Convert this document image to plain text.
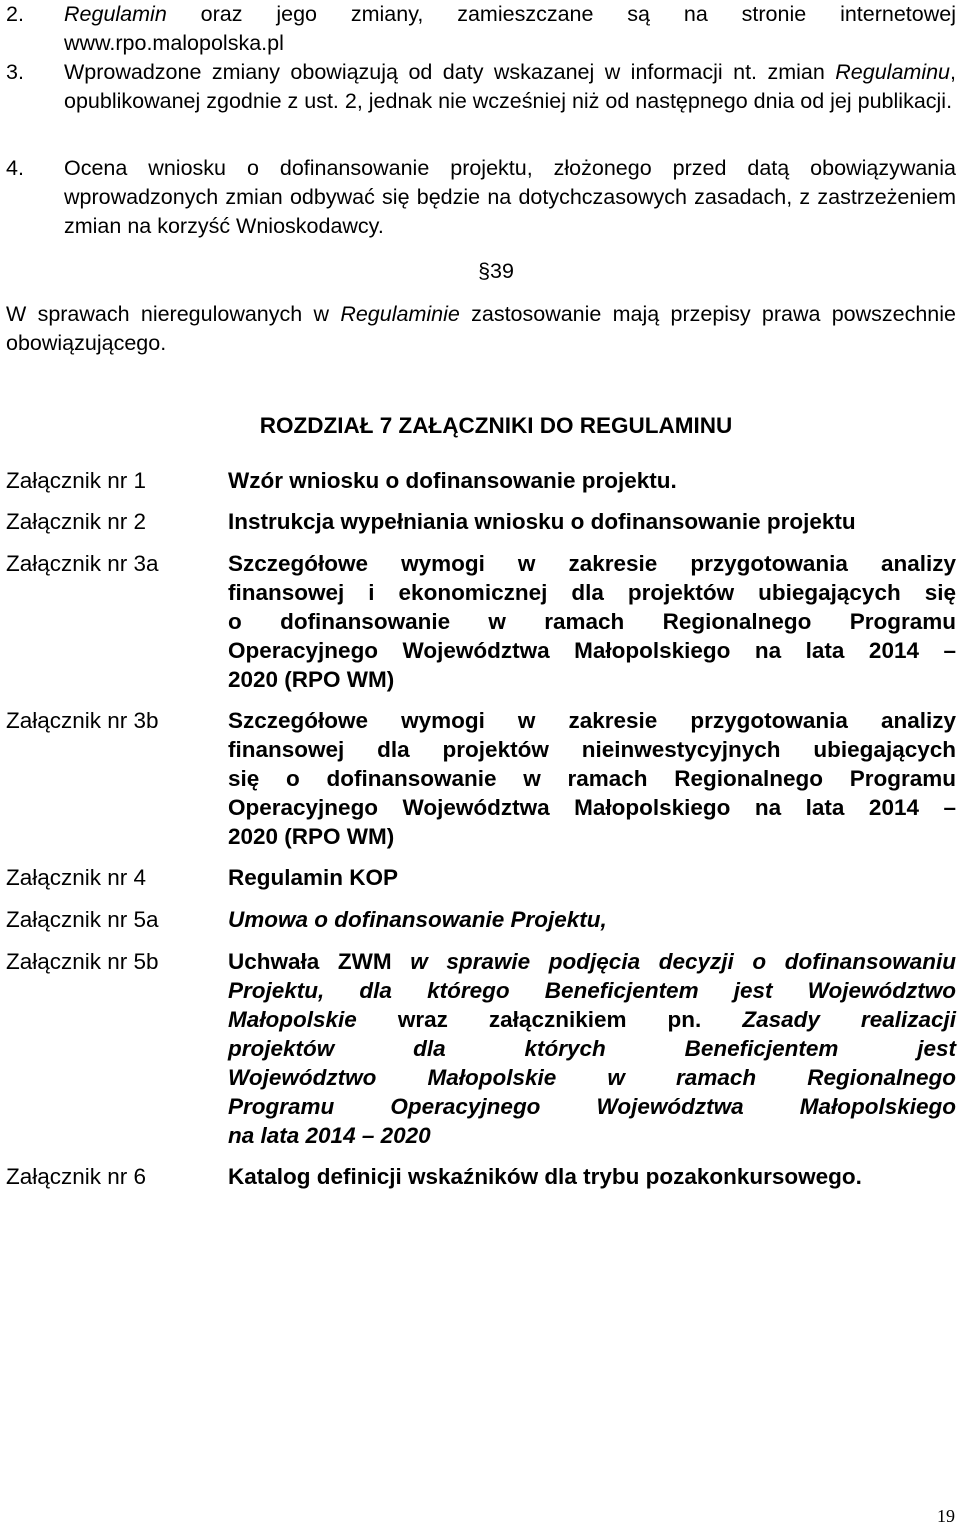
2. Regulamin oraz jego zmiany, zamieszczane są na stronie internetowej www.rpo.malopolska.pl
3. Wprowadzone zmiany obowiązują od daty wskazanej w informacji nt. zmian Regulaminu, opublikowanej zgodnie z ust. 2, jednak nie wcześniej niż od następnego dnia od jej publikacji.
4. Ocena wniosku o dofinansowanie projektu, złożonego przed datą obowiązywania wprowadzonych zmian odbywać się będzie na dotychczasowych zasadach, z zastrzeżeniem zmian na korzyść Wnioskodawcy.
§39
W sprawach nieregulowanych w Regulaminie zastosowanie mają przepisy prawa powszechnie obowiązującego.
ROZDZIAŁ 7 ZAŁĄCZNIKI DO REGULAMINU
Załącznik nr 1	Wzór wniosku o dofinansowanie projektu.
Załącznik nr 2	Instrukcja wypełniania wniosku o dofinansowanie projektu
Załącznik nr 3a	Szczegółowe wymogi w zakresie przygotowania analizy
finansowej i ekonomicznej dla projektów ubiegających się
o dofinansowanie w ramach Regionalnego Programu
Operacyjnego Województwa Małopolskiego na lata 2014 –
2020 (RPO WM)
Załącznik nr 3b	Szczegółowe wymogi w zakresie przygotowania analizy
finansowej dla projektów nieinwestycyjnych ubiegających
się o dofinansowanie w ramach Regionalnego Programu
Operacyjnego Województwa Małopolskiego na lata 2014 –
2020 (RPO WM)
Załącznik nr 4	Regulamin KOP
Załącznik nr 5a	Umowa o dofinansowanie Projektu,
Załącznik nr 5b	Uchwała ZWM w sprawie podjęcia decyzji o dofinansowaniu
Projektu, dla którego Beneficjentem jest Województwo
Małopolskie wraz załącznikiem pn. Zasady realizacji
projektów dla których Beneficjentem jest
Województwo Małopolskie w ramach Regionalnego
Programu Operacyjnego Województwa Małopolskiego
na lata 2014 – 2020
Załącznik nr 6	Katalog definicji wskaźników dla trybu pozakonkursowego.
19
